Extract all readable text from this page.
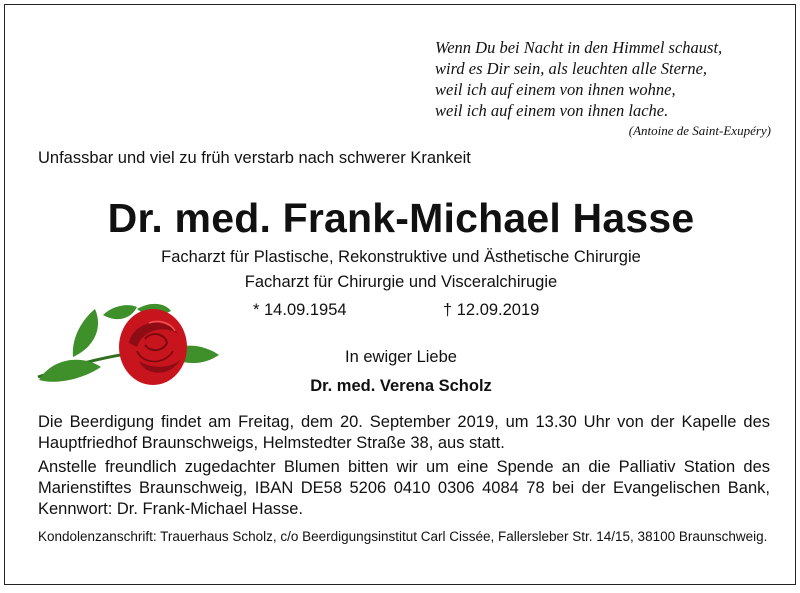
Wenn Du bei Nacht in den Himmel schaust,
wird es Dir sein, als leuchten alle Sterne,
weil ich auf einem von ihnen wohne,
weil ich auf einem von ihnen lache.
(Antoine de Saint-Exupéry)
Unfassbar und viel zu früh verstarb nach schwerer Krankeit
Dr. med. Frank-Michael Hasse
Facharzt für Plastische, Rekonstruktive und Ästhetische Chirurgie
Facharzt für Chirurgie und Visceralchirugie
* 14.09.1954	† 12.09.2019
In ewiger Liebe
Dr. med. Verena Scholz
Die Beerdigung findet am Freitag, dem 20. September 2019, um 13.30 Uhr von der Kapelle des Hauptfriedhof Braunschweigs, Helmstedter Straße 38, aus statt.
Anstelle freundlich zugedachter Blumen bitten wir um eine Spende an die Palliativ Station des Marienstiftes Braunschweig, IBAN DE58 5206 0410 0306 4084 78 bei der Evangelischen Bank, Kennwort: Dr. Frank-Michael Hasse.
Kondolenzanschrift: Trauerhaus Scholz, c/o Beerdigungsinstitut Carl Cissée, Fallersleber Str. 14/15, 38100 Braunschweig.
